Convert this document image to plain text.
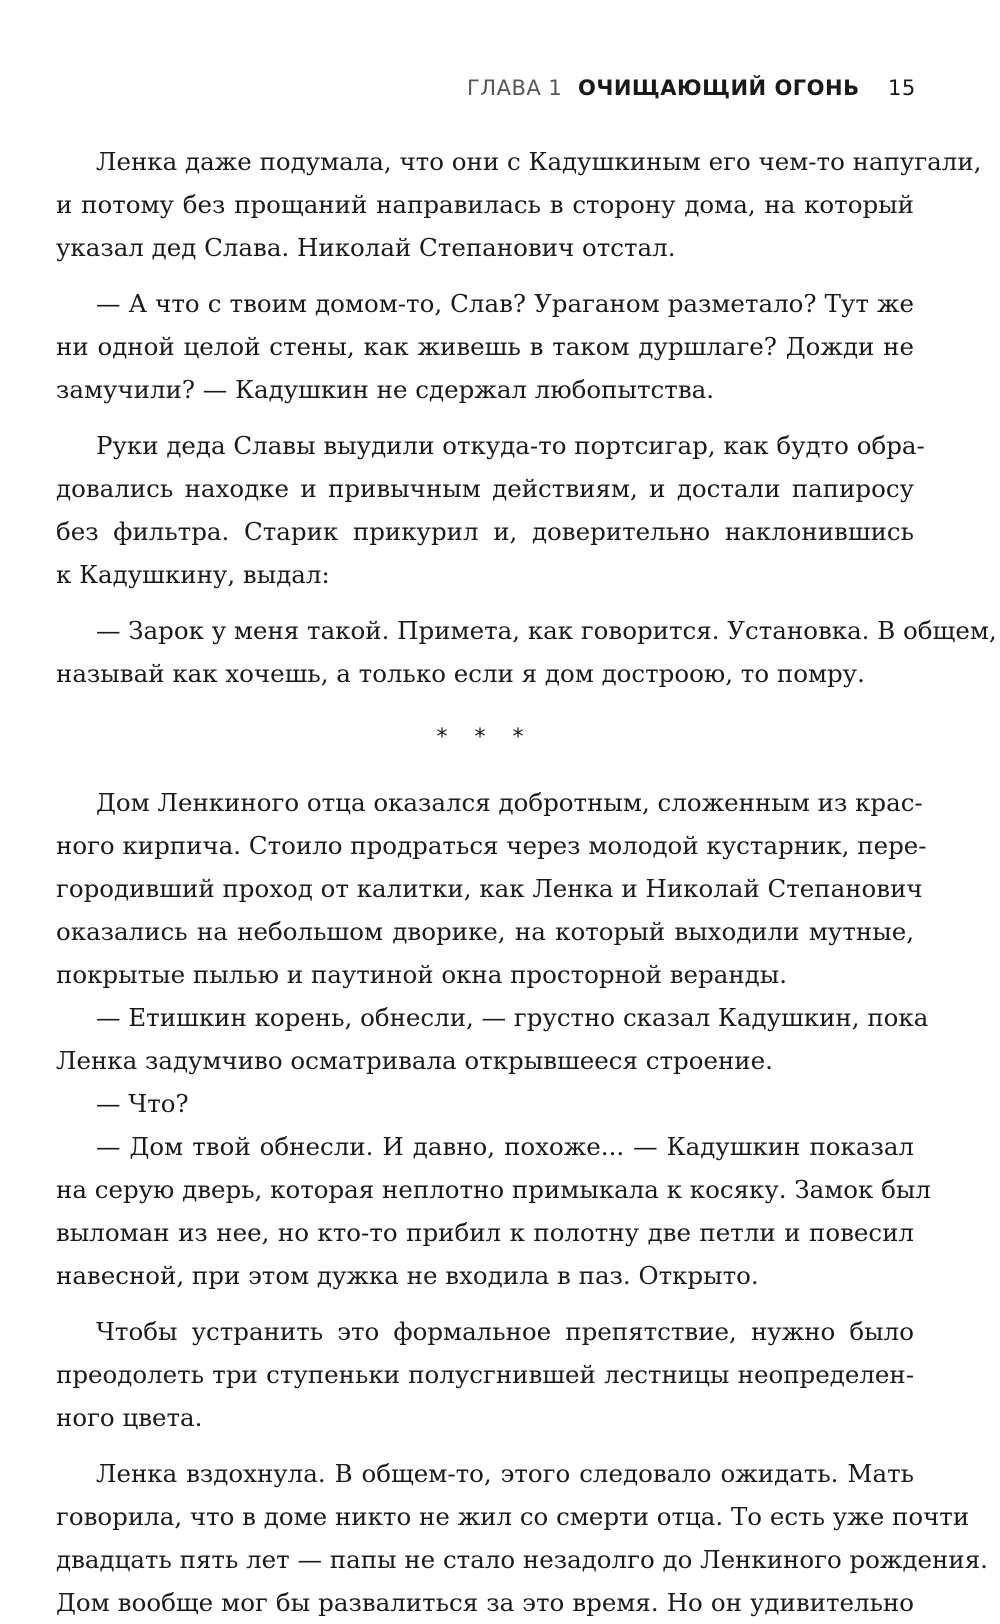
ГЛАВА 1 ОЧИЩАЮЩИЙ ОГОНЬ 15
Ленка даже подумала, что они с Кадушкиным его чем-то напугали,
и потому без прощаний направилась в сторону дома, на который
указал дед Слава. Николай Степанович отстал.
— А что с твоим домом-то, Слав? Ураганом разметало? Тут же
ни одной целой стены, как живешь в таком дуршлаге? Дожди не
замучили? — Кадушкин не сдержал любопытства.
Руки деда Славы выудили откуда-то портсигар, как будто обра-
довались находке и привычным действиям, и достали папиросу
без фильтра. Старик прикурил и, доверительно наклонившись
к Кадушкину, выдал:
— Зарок у меня такой. Примета, как говорится. Установка. В общем,
называй как хочешь, а только если я дом достроою, то помру.
* * *
Дом Ленкиного отца оказался добротным, сложенным из крас-
ного кирпича. Стоило продраться через молодой кустарник, пере-
городивший проход от калитки, как Ленка и Николай Степанович
оказались на небольшом дворике, на который выходили мутные,
покрытые пылью и паутиной окна просторной веранды.
— Етишкин корень, обнесли, — грустно сказал Кадушкин, пока
Ленка задумчиво осматривала открывшееся строение.
— Что?
— Дом твой обнесли. И давно, похоже... — Кадушкин показал
на серую дверь, которая неплотно примыкала к косяку. Замок был
выломан из нее, но кто-то прибил к полотну две петли и повесил
навесной, при этом дужка не входила в паз. Открыто.
Чтобы устранить это формальное препятствие, нужно было
преодолеть три ступеньки полусгнившей лестницы неопределен-
ного цвета.
Ленка вздохнула. В общем-то, этого следовало ожидать. Мать
говорила, что в доме никто не жил со смерти отца. То есть уже почти
двадцать пять лет — папы не стало незадолго до Ленкиного рождения.
Дом вообще мог бы развалиться за это время. Но он удивительно
